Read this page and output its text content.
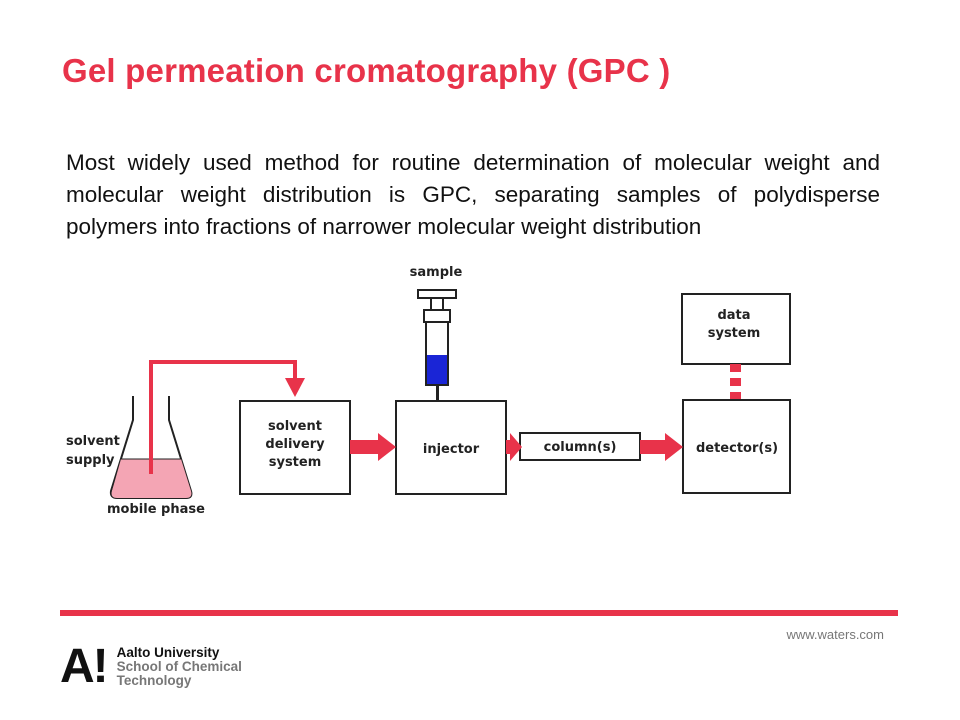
Gel permeation cromatography (GPC )
Most widely used method for routine determination of molecular weight and molecular weight distribution is GPC, separating samples of polydisperse polymers into fractions of narrower molecular weight distribution
data
system
detector(s)
solvent
delivery
system
injector	column(s)
sample
solvent
supply
mobile phase
www.waters.com
A! Aalto University
School of Chemical
Technology
